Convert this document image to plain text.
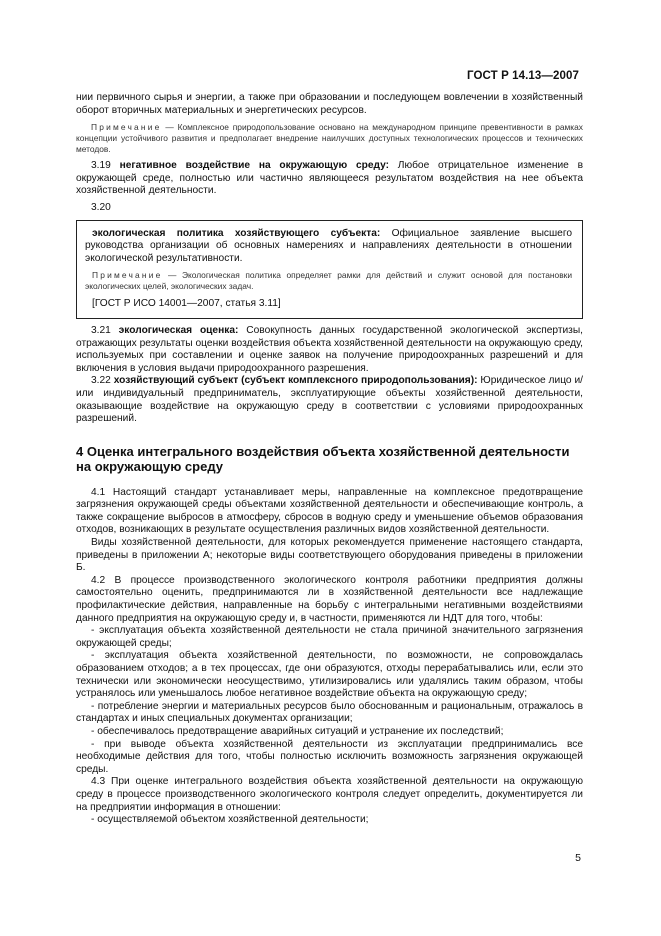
ГОСТ Р 14.13—2007

нии первичного сырья и энергии, а также при образовании и последующем вовлечении в хозяйственный оборот вторичных материальных и энергетических ресурсов.

Примечание — Комплексное природопользование основано на международном принципе превентивности в рамках концепции устойчивого развития и предполагает внедрение наилучших доступных технологических процессов и технических методов.

3.19 негативное воздействие на окружающую среду: Любое отрицательное изменение в окружающей среде, полностью или частично являющееся результатом воздействия на нее объекта хозяйственной деятельности.

3.20

экологическая политика хозяйствующего субъекта: Официальное заявление высшего руководства организации об основных намерениях и направлениях деятельности в отношении экологической результативности.

Примечание — Экологическая политика определяет рамки для действий и служит основой для постановки экологических целей, экологических задач.

[ГОСТ Р ИСО 14001—2007, статья 3.11]

3.21 экологическая оценка: Совокупность данных государственной экологической экспертизы, отражающих результаты оценки воздействия объекта хозяйственной деятельности на окружающую среду, используемых при составлении и оценке заявок на получение природоохранных разрешений и для включения в условия выдачи природоохранного разрешения.

3.22 хозяйствующий субъект (субъект комплексного природопользования): Юридическое лицо и/или индивидуальный предприниматель, эксплуатирующие объекты хозяйственной деятельности, оказывающие воздействие на окружающую среду в соответствии с условиями природоохранных разрешений.

4 Оценка интегрального воздействия объекта хозяйственной деятельности на окружающую среду

4.1 Настоящий стандарт устанавливает меры, направленные на комплексное предотвращение загрязнения окружающей среды объектами хозяйственной деятельности и обеспечивающие контроль, а также сокращение выбросов в атмосферу, сбросов в водную среду и уменьшение объемов образования отходов, возникающих в результате осуществления различных видов хозяйственной деятельности.

Виды хозяйственной деятельности, для которых рекомендуется применение настоящего стандарта, приведены в приложении А; некоторые виды соответствующего оборудования приведены в приложении Б.

4.2 В процессе производственного экологического контроля работники предприятия должны самостоятельно оценить, предпринимаются ли в хозяйственной деятельности все надлежащие профилактические действия, направленные на борьбу с интегральными негативными воздействиями данного предприятия на окружающую среду и, в частности, применяются ли НДТ для того, чтобы:

- эксплуатация объекта хозяйственной деятельности не стала причиной значительного загрязнения окружающей среды;

- эксплуатация объекта хозяйственной деятельности, по возможности, не сопровождалась образованием отходов; а в тех процессах, где они образуются, отходы перерабатывались или, если это технически или экономически неосуществимо, утилизировались или удалялись таким образом, чтобы устранялось или уменьшалось любое негативное воздействие объекта на окружающую среду;

- потребление энергии и материальных ресурсов было обоснованным и рациональным, отражалось в стандартах и иных специальных документах организации;

- обеспечивалось предотвращение аварийных ситуаций и устранение их последствий;

- при выводе объекта хозяйственной деятельности из эксплуатации предпринимались все необходимые действия для того, чтобы полностью исключить возможность загрязнения окружающей среды.

4.3 При оценке интегрального воздействия объекта хозяйственной деятельности на окружающую среду в процессе производственного экологического контроля следует определить, документируется ли на предприятии информация в отношении:

- осуществляемой объектом хозяйственной деятельности;

5
